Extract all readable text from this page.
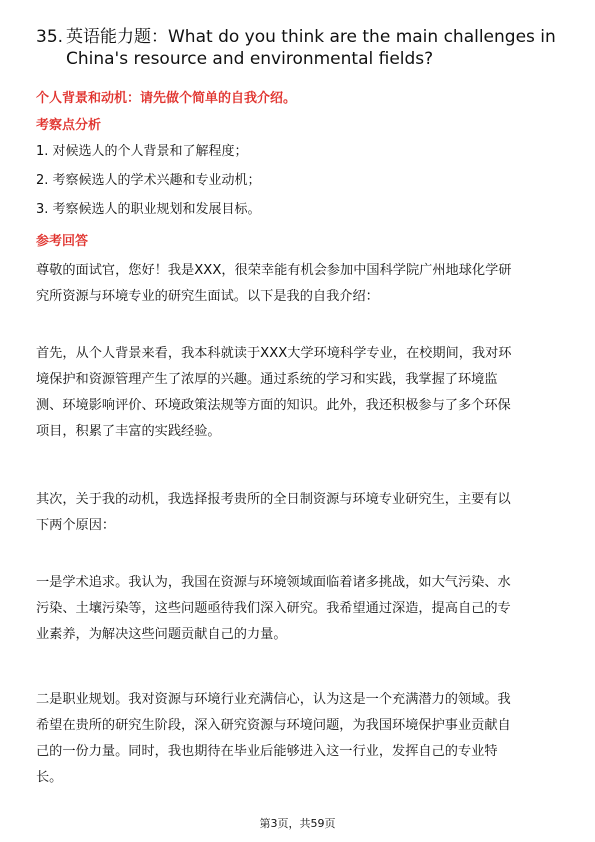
35. 英语能力题：What do you think are the main challenges in
China's resource and environmental fields?
个人背景和动机：请先做个简单的自我介绍。
考察点分析
1. 对候选人的个人背景和了解程度；
2. 考察候选人的学术兴趣和专业动机；
3. 考察候选人的职业规划和发展目标。
参考回答
尊敬的面试官，您好！我是XXX，很荣幸能有机会参加中国科学院广州地球化学研
究所资源与环境专业的研究生面试。以下是我的自我介绍：
首先，从个人背景来看，我本科就读于XXX大学环境科学专业，在校期间，我对环
境保护和资源管理产生了浓厚的兴趣。通过系统的学习和实践，我掌握了环境监
测、环境影响评价、环境政策法规等方面的知识。此外，我还积极参与了多个环保
项目，积累了丰富的实践经验。
其次，关于我的动机，我选择报考贵所的全日制资源与环境专业研究生，主要有以
下两个原因：
一是学术追求。我认为，我国在资源与环境领域面临着诸多挑战，如大气污染、水
污染、土壤污染等，这些问题亟待我们深入研究。我希望通过深造，提高自己的专
业素养，为解决这些问题贡献自己的力量。
二是职业规划。我对资源与环境行业充满信心，认为这是一个充满潜力的领域。我
希望在贵所的研究生阶段，深入研究资源与环境问题，为我国环境保护事业贡献自
己的一份力量。同时，我也期待在毕业后能够进入这一行业，发挥自己的专业特
长。
第3页，共59页
